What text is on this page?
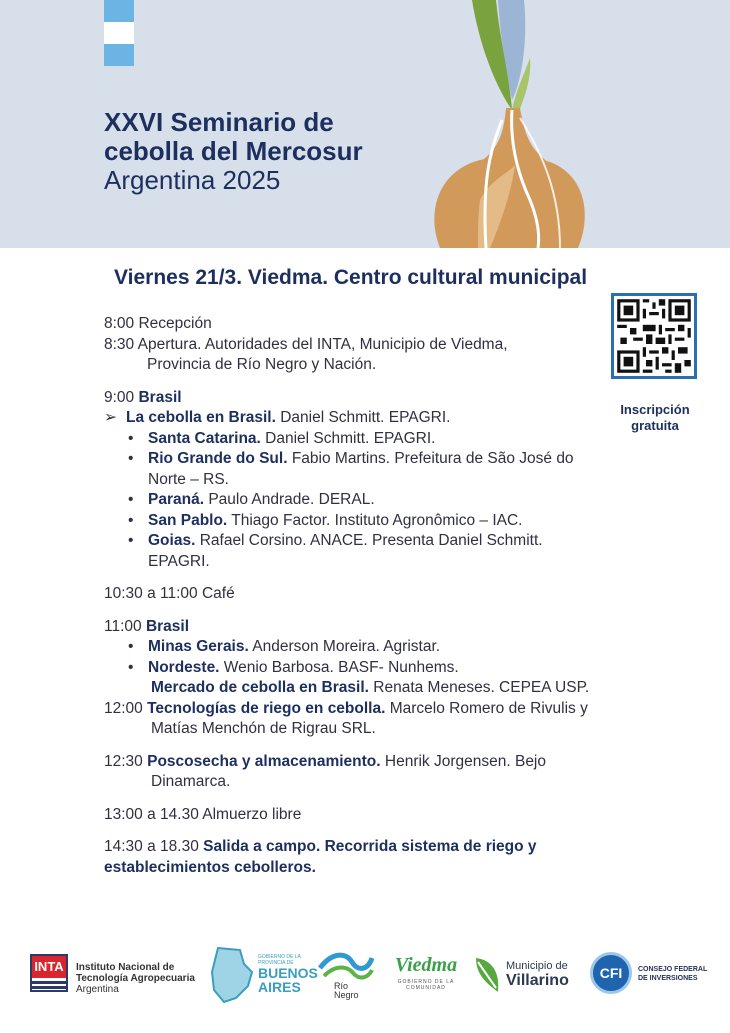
XXVI Seminario de
cebolla del Mercosur
Argentina 2025
Viernes 21/3. Viedma. Centro cultural municipal
Inscripción gratuita

8:00 Recepción

8:30 Apertura. Autoridades del INTA, Municipio de Viedma,

Provincia de Río Negro y Nación.

9:00 Brasil

➢ La cebolla en Brasil. Daniel Schmitt. EPAGRI.

• Santa Catarina. Daniel Schmitt. EPAGRI.

• Rio Grande do Sul. Fabio Martins. Prefeitura de São José do
Norte – RS.

• Paraná. Paulo Andrade. DERAL.

• San Pablo. Thiago Factor. Instituto Agronômico – IAC.

• Goias. Rafael Corsino. ANACE. Presenta Daniel Schmitt.
EPAGRI.

10:30 a 11:00 Café

11:00 Brasil

• Minas Gerais. Anderson Moreira. Agristar.

• Nordeste. Wenio Barbosa. BASF- Nunhems.

Mercado de cebolla en Brasil. Renata Meneses. CEPEA USP.

12:00 Tecnologías de riego en cebolla. Marcelo Romero de Rivulis y

Matías Menchón de Rigrau SRL.

12:30 Poscosecha y almacenamiento. Henrik Jorgensen. Bejo

Dinamarca.

13:00 a 14.30 Almuerzo libre

14:30 a 18.30 Salida a campo. Recorrida sistema de riego y

establecimientos cebolleros.

INTA Instituto Nacional de
Tecnología Agropecuaria
Argentina
GOBIERNO DE LA
PROVINCIA DE
BUENOS
AIRES	Río
Negro
Viedma
GOBIERNO DE LA COMUNIDAD
Municipio de
Villarino	CFI	CONSEJO FEDERAL
DE INVERSIONES
